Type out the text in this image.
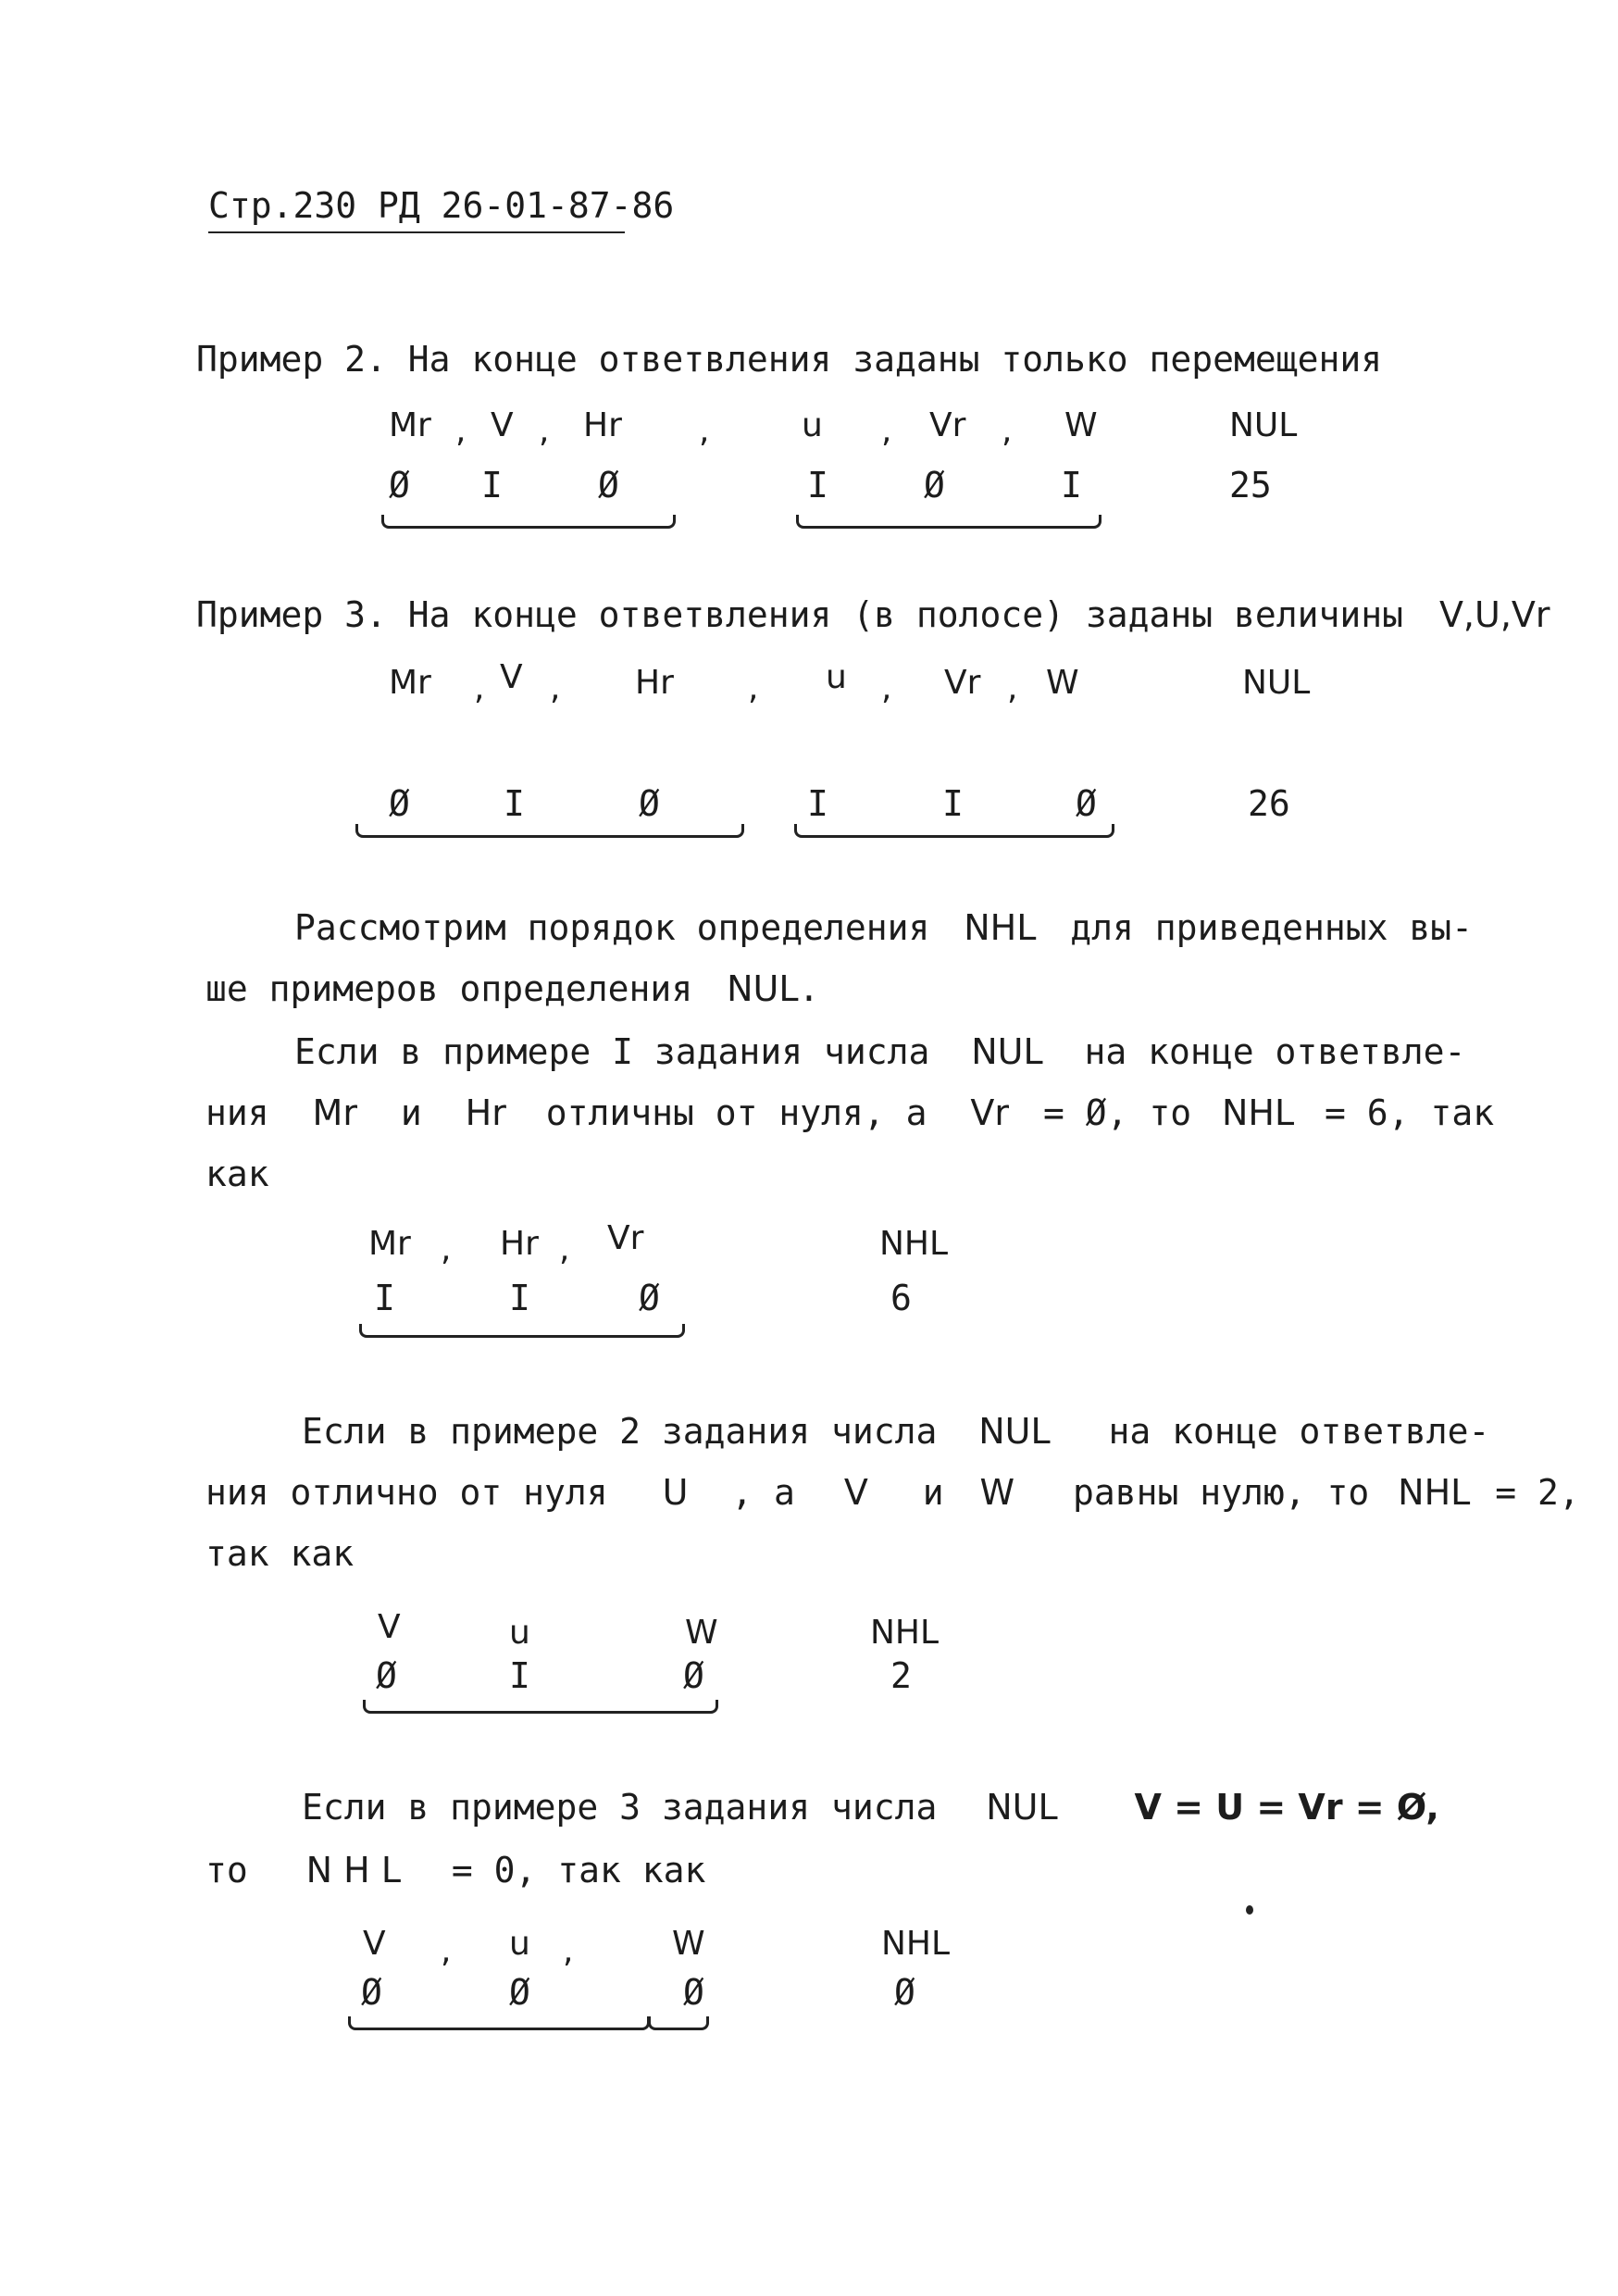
Стр.230 РД 26-01-87-86
Пример 2. На конце ответвления заданы только перемещения
Mr , V , Hr ,	u , Vr , W	NUL
Ø I	Ø	I	Ø	I	25
Пример 3. На конце ответвления (в полосе) заданы величины V,U,Vr
Mr , V , Hr , u , Vr , W	NUL
Ø	I	Ø	I	I	Ø	26
Рассмотрим порядок определения NHL для приведенных вы-
ше примеров определения NUL.
Если в примере I задания числа NUL на конце ответвле-
ния Mr и Hr отличны от нуля, а Vr = Ø, то NHL = 6, так
как
Mr , Hr , Vr	NHL
I	I	Ø	6
Если в примере 2 задания числа NUL на конце ответвле-
ния отлично от нуля U , а V и W равны нулю, то NHL = 2,
так как
V	u	W	NHL
Ø	I	Ø	2
Если в примере 3 задания числа NUL V = U = Vr = Ø,
то N H L = 0, так как
V , u ,	W	NHL
Ø	Ø	Ø	Ø
